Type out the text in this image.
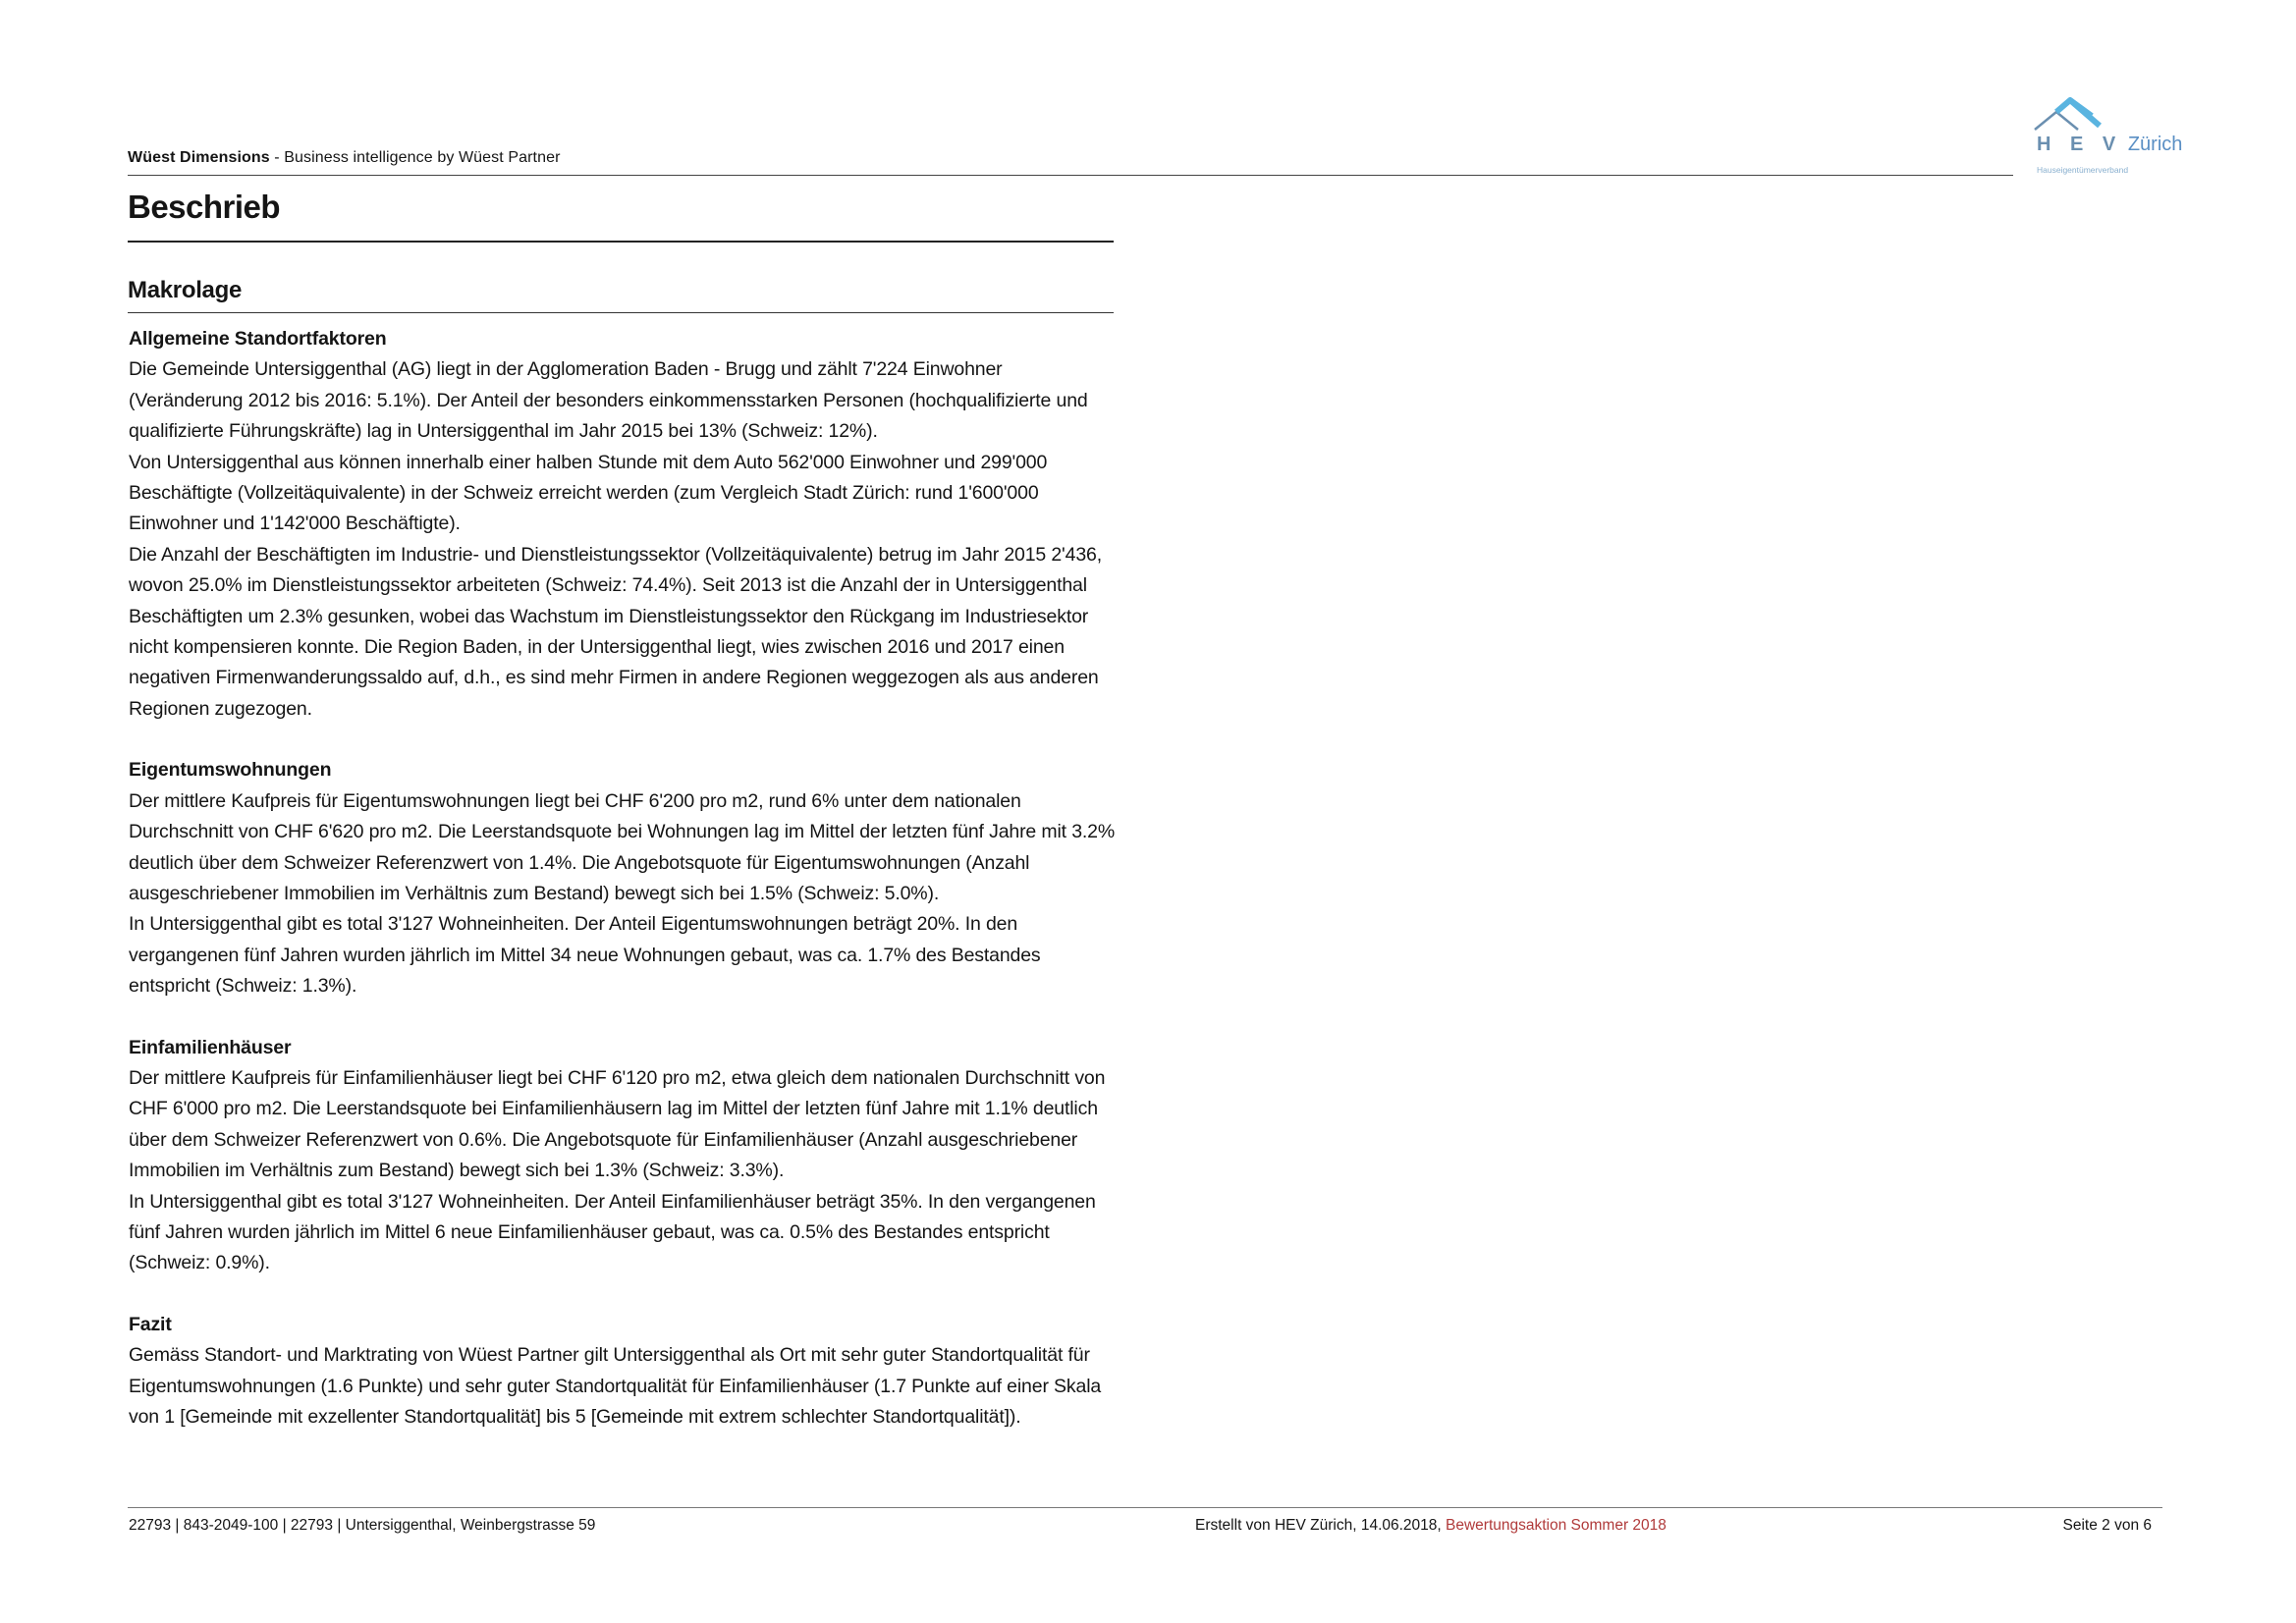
Wüest Dimensions - Business intelligence by Wüest Partner
H E V Zürich
Hauseigentümerverband
Beschrieb
Makrolage
Allgemeine Standortfaktoren

Die Gemeinde Untersiggenthal (AG) liegt in der Agglomeration Baden - Brugg und zählt 7'224 Einwohner (Veränderung 2012 bis 2016: 5.1%). Der Anteil der besonders einkommensstarken Personen (hochqualifizierte und qualifizierte Führungskräfte) lag in Untersiggenthal im Jahr 2015 bei 13% (Schweiz: 12%).

Von Untersiggenthal aus können innerhalb einer halben Stunde mit dem Auto 562'000 Einwohner und 299'000 Beschäftigte (Vollzeitäquivalente) in der Schweiz erreicht werden (zum Vergleich Stadt Zürich: rund 1'600'000 Einwohner und 1'142'000 Beschäftigte).

Die Anzahl der Beschäftigten im Industrie- und Dienstleistungssektor (Vollzeitäquivalente) betrug im Jahr 2015 2'436, wovon 25.0% im Dienstleistungssektor arbeiteten (Schweiz: 74.4%). Seit 2013 ist die Anzahl der in Untersiggenthal Beschäftigten um 2.3% gesunken, wobei das Wachstum im Dienstleistungssektor den Rückgang im Industriesektor nicht kompensieren konnte. Die Region Baden, in der Untersiggenthal liegt, wies zwischen 2016 und 2017 einen negativen Firmenwanderungssaldo auf, d.h., es sind mehr Firmen in andere Regionen weggezogen als aus anderen Regionen zugezogen.

Eigentumswohnungen

Der mittlere Kaufpreis für Eigentumswohnungen liegt bei CHF 6'200 pro m2, rund 6% unter dem nationalen Durchschnitt von CHF 6'620 pro m2. Die Leerstandsquote bei Wohnungen lag im Mittel der letzten fünf Jahre mit 3.2% deutlich über dem Schweizer Referenzwert von 1.4%. Die Angebotsquote für Eigentumswohnungen (Anzahl ausgeschriebener Immobilien im Verhältnis zum Bestand) bewegt sich bei 1.5% (Schweiz: 5.0%).

In Untersiggenthal gibt es total 3'127 Wohneinheiten. Der Anteil Eigentumswohnungen beträgt 20%. In den vergangenen fünf Jahren wurden jährlich im Mittel 34 neue Wohnungen gebaut, was ca. 1.7% des Bestandes entspricht (Schweiz: 1.3%).

Einfamilienhäuser

Der mittlere Kaufpreis für Einfamilienhäuser liegt bei CHF 6'120 pro m2, etwa gleich dem nationalen Durchschnitt von CHF 6'000 pro m2. Die Leerstandsquote bei Einfamilienhäusern lag im Mittel der letzten fünf Jahre mit 1.1% deutlich über dem Schweizer Referenzwert von 0.6%. Die Angebotsquote für Einfamilienhäuser (Anzahl ausgeschriebener Immobilien im Verhältnis zum Bestand) bewegt sich bei 1.3% (Schweiz: 3.3%).

In Untersiggenthal gibt es total 3'127 Wohneinheiten. Der Anteil Einfamilienhäuser beträgt 35%. In den vergangenen fünf Jahren wurden jährlich im Mittel 6 neue Einfamilienhäuser gebaut, was ca. 0.5% des Bestandes entspricht (Schweiz: 0.9%).

Fazit

Gemäss Standort- und Marktrating von Wüest Partner gilt Untersiggenthal als Ort mit sehr guter Standortqualität für Eigentumswohnungen (1.6 Punkte) und sehr guter Standortqualität für Einfamilienhäuser (1.7 Punkte auf einer Skala von 1 [Gemeinde mit exzellenter Standortqualität] bis 5 [Gemeinde mit extrem schlechter Standortqualität]).

22793 | 843-2049-100 | 22793 | Untersiggenthal, Weinbergstrasse 59	Erstellt von HEV Zürich, 14.06.2018, Bewertungsaktion Sommer 2018	Seite 2 von 6
